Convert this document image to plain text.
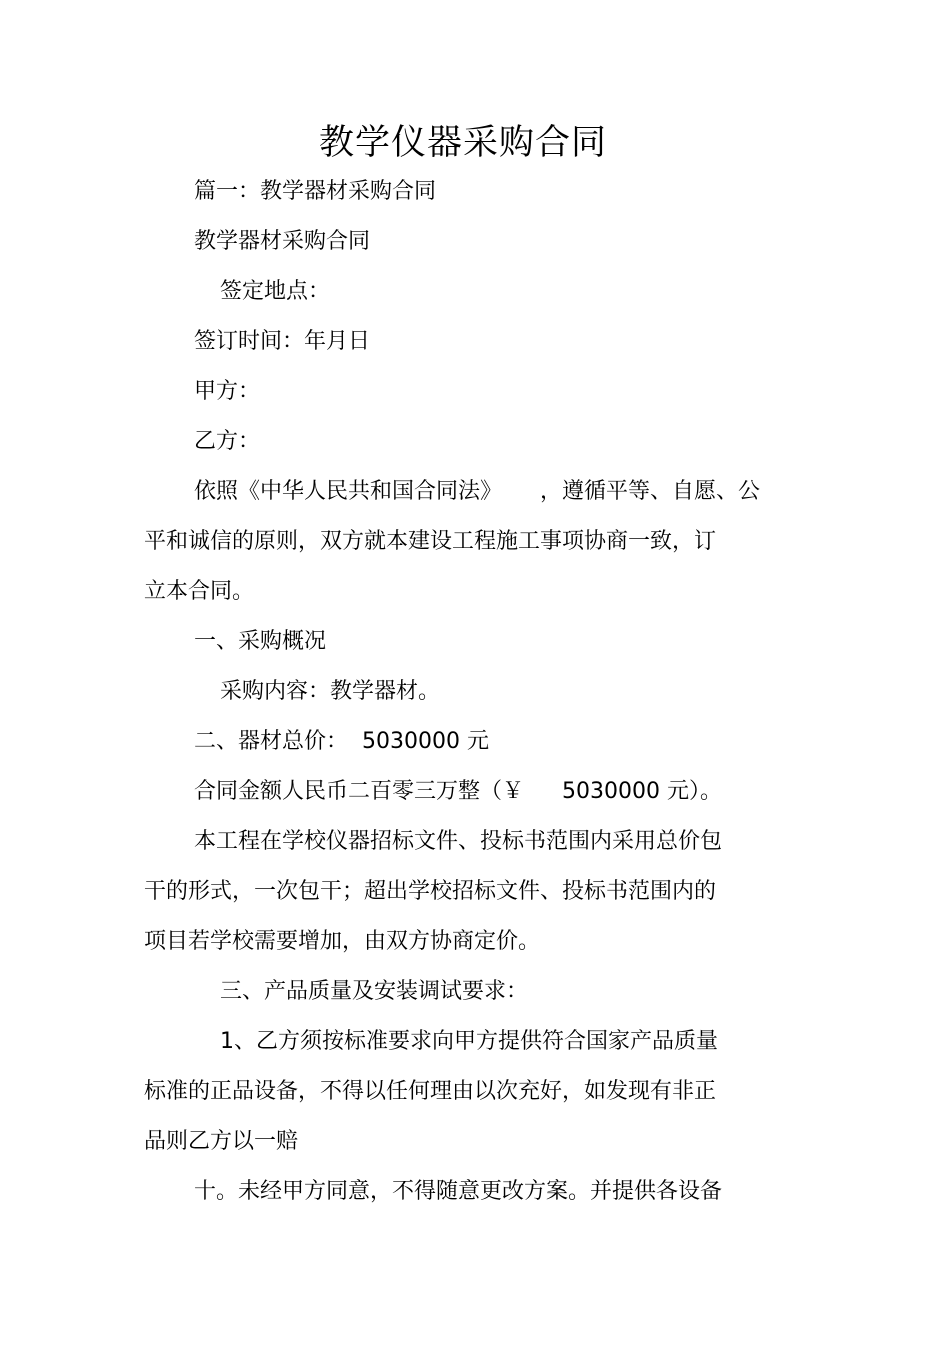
教学仪器采购合同
篇一：教学器材采购合同
教学器材采购合同
签定地点：
签订时间：年月日
甲方：
乙方：
依照《中华人民共和国合同法》 ，遵循平等、自愿、公
平和诚信的原则，双方就本建设工程施工事项协商一致，订
立本合同。
一、采购概况
采购内容：教学器材。
二、器材总价： 5030000 元
合同金额人民币二百零三万整（￥ 5030000 元）。
本工程在学校仪器招标文件、投标书范围内采用总价包
干的形式，一次包干；超出学校招标文件、投标书范围内的
项目若学校需要增加，由双方协商定价。
三、产品质量及安装调试要求：
1、乙方须按标准要求向甲方提供符合国家产品质量
标准的正品设备，不得以任何理由以次充好，如发现有非正
品则乙方以一赔
十。未经甲方同意，不得随意更改方案。并提供各设备
